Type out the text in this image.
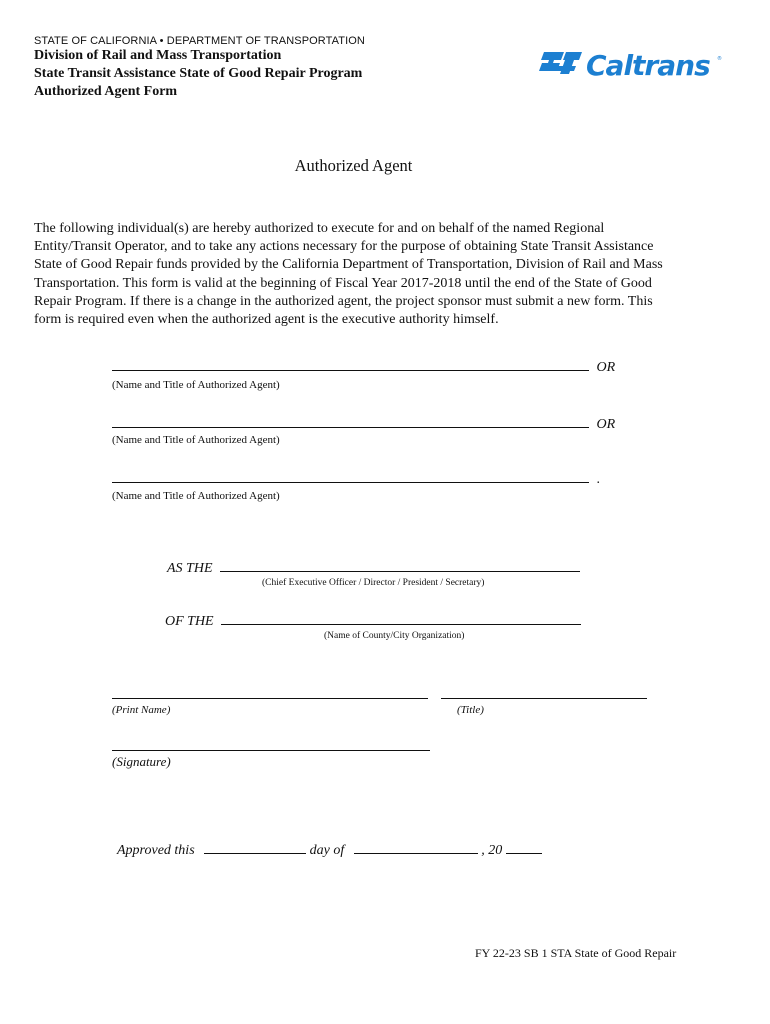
STATE OF CALIFORNIA • DEPARTMENT OF TRANSPORTATION
Division of Rail and Mass Transportation
State Transit Assistance State of Good Repair Program
Authorized Agent Form
Caltrans ®
Authorized Agent
The following individual(s) are hereby authorized to execute for and on behalf of the named Regional
Entity/Transit Operator, and to take any actions necessary for the purpose of obtaining State Transit Assistance
State of Good Repair funds provided by the California Department of Transportation, Division of Rail and Mass
Transportation. This form is valid at the beginning of Fiscal Year 2017-2018 until the end of the State of Good
Repair Program. If there is a change in the authorized agent, the project sponsor must submit a new form. This
form is required even when the authorized agent is the executive authority himself.
OR
(Name and Title of Authorized Agent)
OR
(Name and Title of Authorized Agent)
.
(Name and Title of Authorized Agent)
AS THE
(Chief Executive Officer / Director / President / Secretary)
OF THE
(Name of County/City Organization)
(Print Name)	(Title)
(Signature)
Approved this	day of	, 20
FY 22-23 SB 1 STA State of Good Repair
